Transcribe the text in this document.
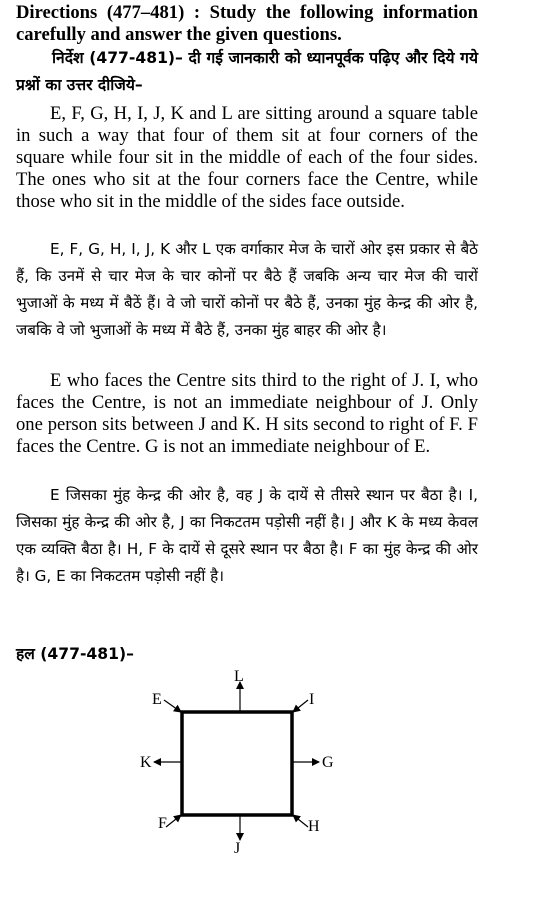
Directions (477–481) : Study the following information carefully and answer the given questions.

निर्देश (477-481)– दी गई जानकारी को ध्यानपूर्वक पढ़िए और दिये गये प्रश्नों का उत्तर दीजिये–

E, F, G, H, I, J, K and L are sitting around a square table in such a way that four of them sit at four corners of the square while four sit in the middle of each of the four sides. The ones who sit at the four corners face the Centre, while those who sit in the middle of the sides face outside.

E, F, G, H, I, J, K और L एक वर्गाकार मेज के चारों ओर इस प्रकार से बैठे हैं, कि उनमें से चार मेज के चार कोनों पर बैठे हैं जबकि अन्य चार मेज की चारों भुजाओं के मध्य में बैठें हैं। वे जो चारों कोनों पर बैठे हैं, उनका मुंह केन्द्र की ओर है, जबकि वे जो भुजाओं के मध्य में बैठे हैं, उनका मुंह बाहर की ओर है।

E who faces the Centre sits third to the right of J. I, who faces the Centre, is not an immediate neighbour of J. Only one person sits between J and K. H sits second to right of F. F faces the Centre. G is not an immediate neighbour of E.

E जिसका मुंह केन्द्र की ओर है, वह J के दायें से तीसरे स्थान पर बैठा है। I, जिसका मुंह केन्द्र की ओर है, J का निकटतम पड़ोसी नहीं है। J और K के मध्य केवल एक व्यक्ति बैठा है। H, F के दायें से दूसरे स्थान पर बैठा है। F का मुंह केन्द्र की ओर है। G, E का निकटतम पड़ोसी नहीं है।

हल (477-481)–

L
J
K	G
E	I
F	H
